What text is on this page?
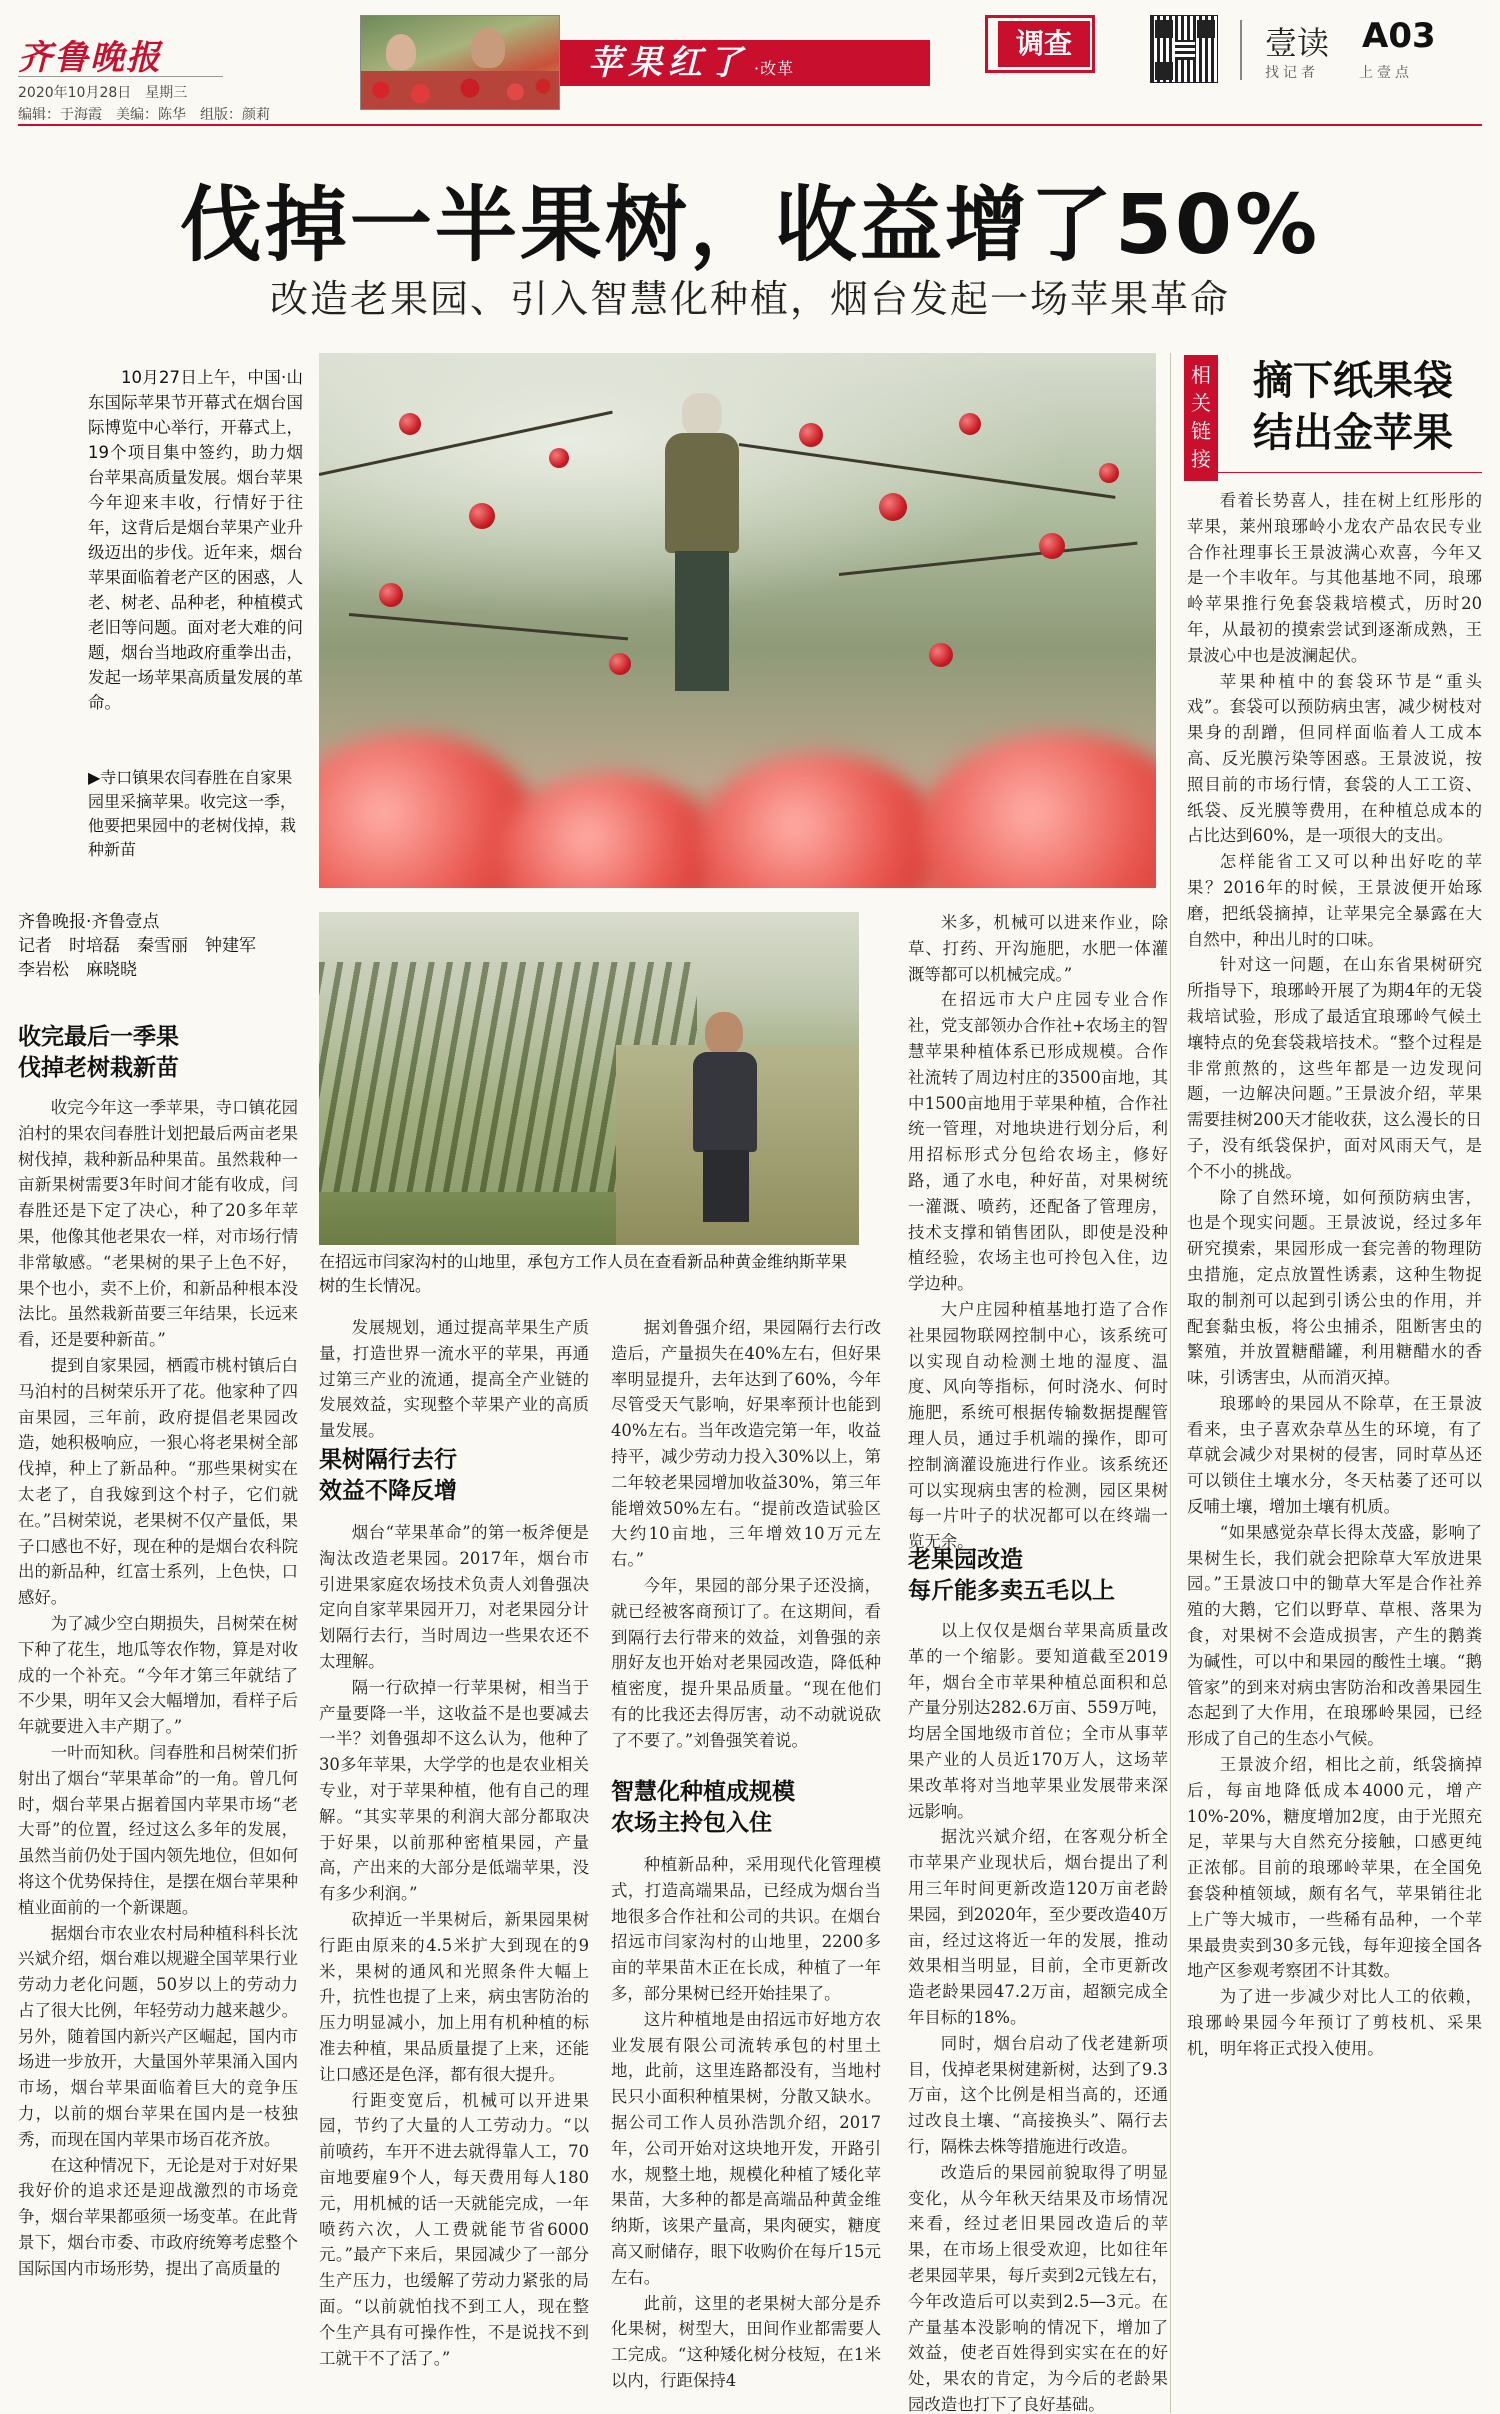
齐鲁晚报
2020年10月28日　星期三
编辑：于海霞　美编：陈华　组版：颜莉
苹果红了 ·改革
调查	壹读 A03
找记者	上壹点
伐掉一半果树，收益增了50%
改造老果园、引入智慧化种植，烟台发起一场苹果革命
10月27日上午，中国·山东国际苹果节开幕式在烟台国际博览中心举行，开幕式上，19个项目集中签约，助力烟台苹果高质量发展。烟台苹果今年迎来丰收，行情好于往年，这背后是烟台苹果产业升级迈出的步伐。近年来，烟台苹果面临着老产区的困惑，人老、树老、品种老，种植模式老旧等问题。面对老大难的问题，烟台当地政府重拳出击，发起一场苹果高质量发展的革命。
▶寺口镇果农闫春胜在自家果园里采摘苹果。收完这一季，他要把果园中的老树伐掉，栽种新苗
相关链接
摘下纸果袋
结出金苹果

看着长势喜人，挂在树上红彤彤的苹果，莱州琅琊岭小龙农产品农民专业合作社理事长王景波满心欢喜，今年又是一个丰收年。与其他基地不同，琅琊岭苹果推行免套袋栽培模式，历时20年，从最初的摸索尝试到逐渐成熟，王景波心中也是波澜起伏。

苹果种植中的套袋环节是“重头戏”。套袋可以预防病虫害，减少树枝对果身的刮蹭，但同样面临着人工成本高、反光膜污染等困惑。王景波说，按照目前的市场行情，套袋的人工工资、纸袋、反光膜等费用，在种植总成本的占比达到60%，是一项很大的支出。

怎样能省工又可以种出好吃的苹果？2016年的时候，王景波便开始琢磨，把纸袋摘掉，让苹果完全暴露在大自然中，种出儿时的口味。

针对这一问题，在山东省果树研究所指导下，琅琊岭开展了为期4年的无袋栽培试验，形成了最适宜琅琊岭气候土壤特点的免套袋栽培技术。“整个过程是非常煎熬的，这些年都是一边发现问题，一边解决问题。”王景波介绍，苹果需要挂树200天才能收获，这么漫长的日子，没有纸袋保护，面对风雨天气，是个不小的挑战。

除了自然环境，如何预防病虫害，也是个现实问题。王景波说，经过多年研究摸索，果园形成一套完善的物理防虫措施，定点放置性诱素，这种生物捉取的制剂可以起到引诱公虫的作用，并配套黏虫板，将公虫捕杀，阻断害虫的繁殖，并放置糖醋罐，利用糖醋水的香味，引诱害虫，从而消灭掉。

琅琊岭的果园从不除草，在王景波看来，虫子喜欢杂草丛生的环境，有了草就会减少对果树的侵害，同时草丛还可以锁住土壤水分，冬天枯萎了还可以反哺土壤，增加土壤有机质。

“如果感觉杂草长得太茂盛，影响了果树生长，我们就会把除草大军放进果园。”王景波口中的锄草大军是合作社养殖的大鹅，它们以野草、草根、落果为食，对果树不会造成损害，产生的鹅粪为碱性，可以中和果园的酸性土壤。“鹅管家”的到来对病虫害防治和改善果园生态起到了大作用，在琅琊岭果园，已经形成了自己的生态小气候。

王景波介绍，相比之前，纸袋摘掉后，每亩地降低成本4000元，增产10%-20%，糖度增加2度，由于光照充足，苹果与大自然充分接触，口感更纯正浓郁。目前的琅琊岭苹果，在全国免套袋种植领域，颇有名气，苹果销往北上广等大城市，一些稀有品种，一个苹果最贵卖到30多元钱，每年迎接全国各地产区参观考察团不计其数。

为了进一步减少对比人工的依赖，琅琊岭果园今年预订了剪枝机、采果机，明年将正式投入使用。

齐鲁晚报·齐鲁壹点
记者　时培磊　秦雪丽　钟建军
李岩松　麻晓晓
收完最后一季果
伐掉老树栽新苗

收完今年这一季苹果，寺口镇花园泊村的果农闫春胜计划把最后两亩老果树伐掉，栽种新品种果苗。虽然栽种一亩新果树需要3年时间才能有收成，闫春胜还是下定了决心，种了20多年苹果，他像其他老果农一样，对市场行情非常敏感。“老果树的果子上色不好，果个也小，卖不上价，和新品种根本没法比。虽然栽新苗要三年结果，长远来看，还是要种新苗。”

提到自家果园，栖霞市桃村镇后白马泊村的吕树荣乐开了花。他家种了四亩果园，三年前，政府提倡老果园改造，她积极响应，一狠心将老果树全部伐掉，种上了新品种。“那些果树实在太老了，自我嫁到这个村子，它们就在。”吕树荣说，老果树不仅产量低，果子口感也不好，现在种的是烟台农科院出的新品种，红富士系列，上色快，口感好。

为了减少空白期损失，吕树荣在树下种了花生，地瓜等农作物，算是对收成的一个补充。“今年才第三年就结了不少果，明年又会大幅增加，看样子后年就要进入丰产期了。”

一叶而知秋。闫春胜和吕树荣们折射出了烟台“苹果革命”的一角。曾几何时，烟台苹果占据着国内苹果市场“老大哥”的位置，经过这么多年的发展，虽然当前仍处于国内领先地位，但如何将这个优势保持住，是摆在烟台苹果种植业面前的一个新课题。

据烟台市农业农村局种植科科长沈兴斌介绍，烟台难以规避全国苹果行业劳动力老化问题，50岁以上的劳动力占了很大比例，年轻劳动力越来越少。另外，随着国内新兴产区崛起，国内市场进一步放开，大量国外苹果涌入国内市场，烟台苹果面临着巨大的竞争压力，以前的烟台苹果在国内是一枝独秀，而现在国内苹果市场百花齐放。

在这种情况下，无论是对于对好果我好价的追求还是迎战激烈的市场竞争，烟台苹果都亟须一场变革。在此背景下，烟台市委、市政府统筹考虑整个国际国内市场形势，提出了高质量的

在招远市闫家沟村的山地里，承包方工作人员在查看新品种黄金维纳斯苹果树的生长情况。

米多，机械可以进来作业，除草、打药、开沟施肥，水肥一体灌溉等都可以机械完成。”

在招远市大户庄园专业合作社，党支部领办合作社+农场主的智慧苹果种植体系已形成规模。合作社流转了周边村庄的3500亩地，其中1500亩地用于苹果种植，合作社统一管理，对地块进行划分后，利用招标形式分包给农场主，修好路，通了水电，种好苗，对果树统一灌溉、喷药，还配备了管理房，技术支撑和销售团队，即使是没种植经验，农场主也可拎包入住，边学边种。

大户庄园种植基地打造了合作社果园物联网控制中心，该系统可以实现自动检测土地的湿度、温度、风向等指标，何时浇水、何时施肥，系统可根据传输数据提醒管理人员，通过手机端的操作，即可控制滴灌设施进行作业。该系统还可以实现病虫害的检测，园区果树每一片叶子的状况都可以在终端一览无余。

发展规划，通过提高苹果生产质量，打造世界一流水平的苹果，再通过第三产业的流通，提高全产业链的发展效益，实现整个苹果产业的高质量发展。

果树隔行去行
效益不降反增

烟台“苹果革命”的第一板斧便是淘汰改造老果园。2017年，烟台市引进果家庭农场技术负责人刘鲁强决定向自家苹果园开刀，对老果园分计划隔行去行，当时周边一些果农还不太理解。

隔一行砍掉一行苹果树，相当于产量要降一半，这收益不是也要减去一半？刘鲁强却不这么认为，他种了30多年苹果，大学学的也是农业相关专业，对于苹果种植，他有自己的理解。“其实苹果的利润大部分都取决于好果，以前那种密植果园，产量高，产出来的大部分是低端苹果，没有多少利润。”

砍掉近一半果树后，新果园果树行距由原来的4.5米扩大到现在的9米，果树的通风和光照条件大幅上升，抗性也提了上来，病虫害防治的压力明显减小，加上用有机种植的标准去种植，果品质量提了上来，还能让口感还是色泽，都有很大提升。

行距变宽后，机械可以开进果园，节约了大量的人工劳动力。“以前喷药，车开不进去就得靠人工，70亩地要雇9个人，每天费用每人180元，用机械的话一天就能完成，一年喷药六次，人工费就能节省6000元。”最产下来后，果园减少了一部分生产压力，也缓解了劳动力紧张的局面。“以前就怕找不到工人，现在整个生产具有可操作性，不是说找不到工就干不了活了。”

据刘鲁强介绍，果园隔行去行改造后，产量损失在40%左右，但好果率明显提升，去年达到了60%，今年尽管受天气影响，好果率预计也能到40%左右。当年改造完第一年，收益持平，减少劳动力投入30%以上，第二年较老果园增加收益30%，第三年能增效50%左右。“提前改造试验区大约10亩地，三年增效10万元左右。”

今年，果园的部分果子还没摘，就已经被客商预订了。在这期间，看到隔行去行带来的效益，刘鲁强的亲朋好友也开始对老果园改造，降低种植密度，提升果品质量。“现在他们有的比我还去得厉害，动不动就说砍了不要了。”刘鲁强笑着说。

智慧化种植成规模
农场主拎包入住

种植新品种，采用现代化管理模式，打造高端果品，已经成为烟台当地很多合作社和公司的共识。在烟台招远市闫家沟村的山地里，2200多亩的苹果苗木正在长成，种植了一年多，部分果树已经开始挂果了。

这片种植地是由招远市好地方农业发展有限公司流转承包的村里土地，此前，这里连路都没有，当地村民只小面积种植果树，分散又缺水。据公司工作人员孙浩凯介绍，2017年，公司开始对这块地开发，开路引水，规整土地，规模化种植了矮化苹果苗，大多种的都是高端品种黄金维纳斯，该果产量高，果肉硬实，糖度高又耐储存，眼下收购价在每斤15元左右。

此前，这里的老果树大部分是乔化果树，树型大，田间作业都需要人工完成。“这种矮化树分枝短，在1米以内，行距保持4

老果园改造
每斤能多卖五毛以上

以上仅仅是烟台苹果高质量改革的一个缩影。要知道截至2019年，烟台全市苹果种植总面积和总产量分别达282.6万亩、559万吨，均居全国地级市首位；全市从事苹果产业的人员近170万人，这场苹果改革将对当地苹果业发展带来深远影响。

据沈兴斌介绍，在客观分析全市苹果产业现状后，烟台提出了利用三年时间更新改造120万亩老龄果园，到2020年，至少要改造40万亩，经过这将近一年的发展，推动效果相当明显，目前，全市更新改造老龄果园47.2万亩，超额完成全年目标的18%。

同时，烟台启动了伐老建新项目，伐掉老果树建新树，达到了9.3万亩，这个比例是相当高的，还通过改良土壤、“高接换头”、隔行去行，隔株去株等措施进行改造。

改造后的果园前貌取得了明显变化，从今年秋天结果及市场情况来看，经过老旧果园改造后的苹果，在市场上很受欢迎，比如往年老果园苹果，每斤卖到2元钱左右，今年改造后可以卖到2.5—3元。在产量基本没影响的情况下，增加了效益，使老百姓得到实实在在的好处，果农的肯定，为今后的老龄果园改造也打下了良好基础。
